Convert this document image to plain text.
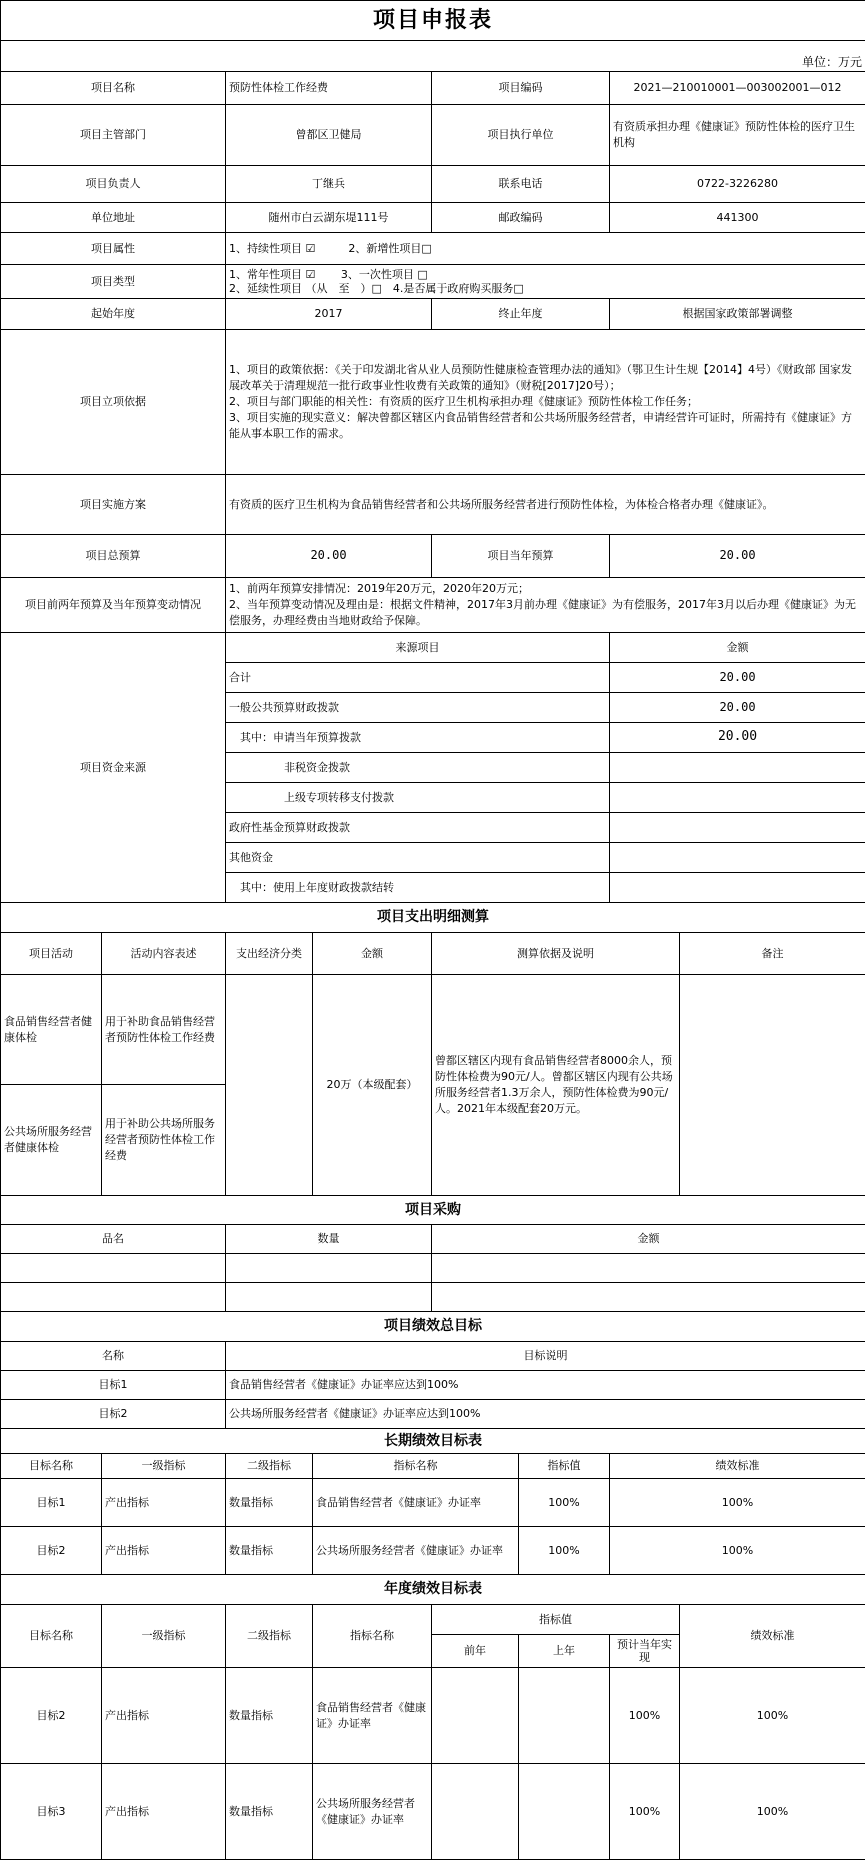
项目申报表							
单位：万元							
项目名称		预防性体检工作经费		项目编码		2021—210010001—003002001—012	
项目主管部门		曾都区卫健局		项目执行单位		有资质承担办理《健康证》预防性体检的医疗卫生机构	
项目负责人		丁继兵		联系电话		0722-3226280	
单位地址		随州市白云湖东堤111号		邮政编码		441300	
项目属性		1、持续性项目 ☑　　　2、新增性项目□					
项目类型		1、常年性项目 ☑　　 3、一次性项目 □
2、延续性项目 （从　至　）□　4.是否属于政府购买服务□					

起始年度		2017		终止年度		根据国家政策部署调整	
项目立项依据		1、项目的政策依据：《关于印发湖北省从业人员预防性健康检查管理办法的通知》（鄂卫生计生规【2014】4号）《财政部 国家发展改革关于清理规范一批行政事业性收费有关政策的通知》（财税[2017]20号）；
2、项目与部门职能的相关性：有资质的医疗卫生机构承担办理《健康证》预防性体检工作任务；
3、项目实施的现实意义：解决曾都区辖区内食品销售经营者和公共场所服务经营者，申请经营许可证时，所需持有《健康证》方能从事本职工作的需求。					

项目实施方案		有资质的医疗卫生机构为食品销售经营者和公共场所服务经营者进行预防性体检，为体检合格者办理《健康证》。					
项目总预算		20.00		项目当年预算		20.00	
项目前两年预算及当年预算变动情况		1、前两年预算安排情况：2019年20万元，2020年20万元；
2、当年预算变动情况及理由是：根据文件精神，2017年3月前办理《健康证》为有偿服务，2017年3月以后办理《健康证》为无偿服务，办理经费由当地财政给予保障。					

项目资金来源		来源项目				金额	
		合计				20.00	
		一般公共预算财政拨款				20.00	
		其中：申请当年预算拨款				20.00	
		非税资金拨款					
		上级专项转移支付拨款					
		政府性基金预算财政拨款					
		其他资金					
		其中：使用上年度财政拨款结转					
项目支出明细测算							
项目活动	活动内容表述	支出经济分类	金额	测算依据及说明			备注
食品销售经营者健康体检	用于补助食品销售经营者预防性体检工作经费		20万（本级配套）	曾都区辖区内现有食品销售经营者8000余人，预防性体检费为90元/人。曾都区辖区内现有公共场所服务经营者1.3万余人，预防性体检费为90元/人。2021年本级配套20万元。			
公共场所服务经营者健康体检	用于补助公共场所服务经营者预防性体检工作经费						
项目采购							
品名		数量		金额			

项目绩效总目标							
名称		目标说明					
目标1		食品销售经营者《健康证》办证率应达到100%					
目标2		公共场所服务经营者《健康证》办证率应达到100%					
长期绩效目标表							
目标名称	一级指标	二级指标	指标名称		指标值	绩效标准	
目标1	产出指标	数量指标	食品销售经营者《健康证》办证率		100%	100%	
目标2	产出指标	数量指标	公共场所服务经营者《健康证》办证率		100%	100%	
年度绩效目标表							
目标名称	一级指标	二级指标	指标名称	指标值			绩效标准
				前年	上年	预计当年实现	
目标2	产出指标	数量指标	食品销售经营者《健康证》办证率			100%	100%
目标3	产出指标	数量指标	公共场所服务经营者《健康证》办证率			100%	100%
